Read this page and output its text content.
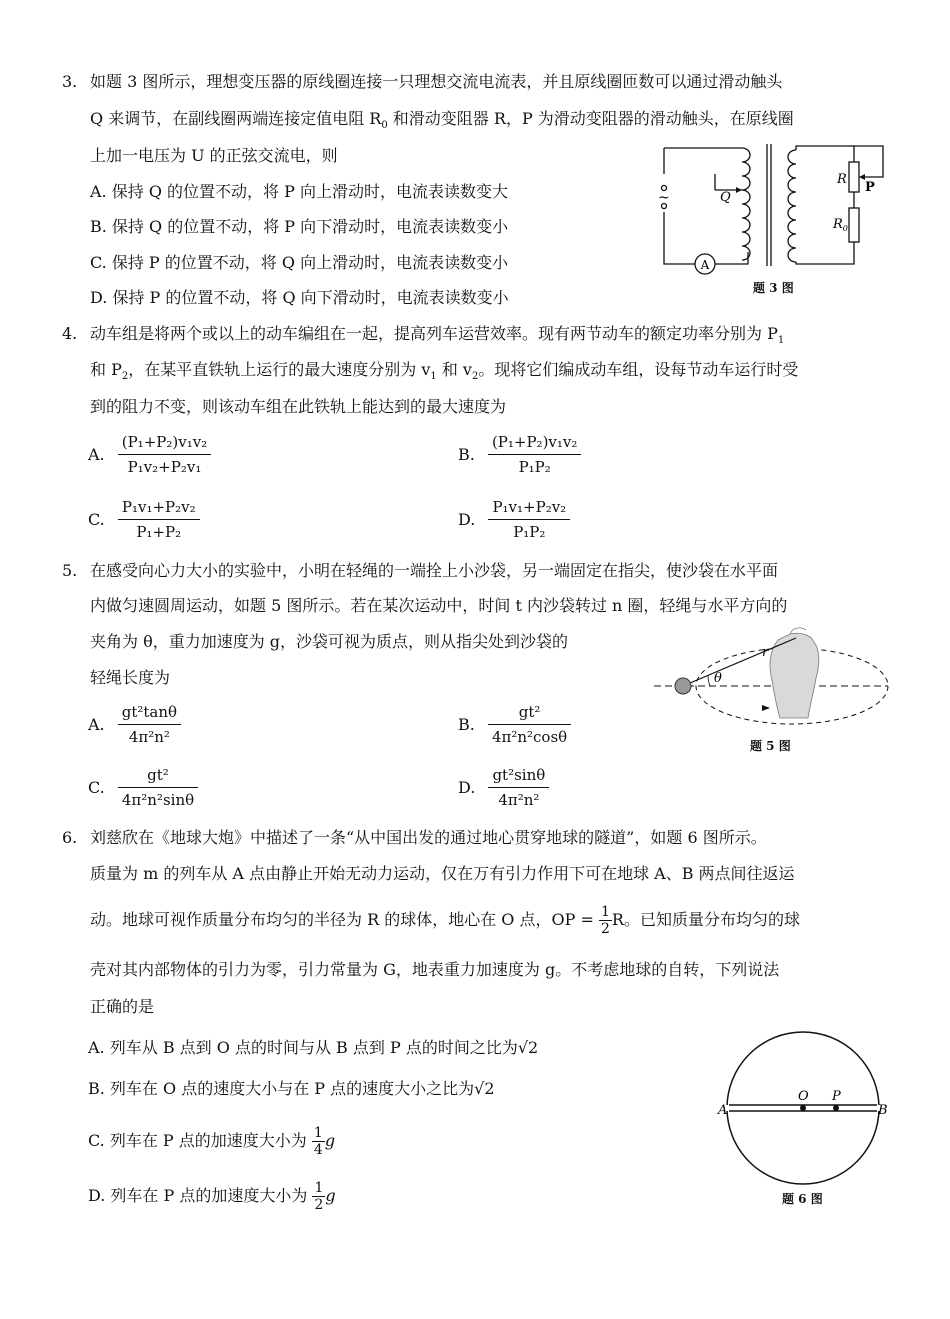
3. 如题 3 图所示，理想变压器的原线圈连接一只理想交流电流表，并且原线圈匝数可以通过滑动触头
Q 来调节，在副线圈两端连接定值电阻 $R_0$ 和滑动变阻器 R，P 为滑动变阻器的滑动触头，在原线圈
上加一电压为 U 的正弦交流电，则
A. 保持 Q 的位置不动，将 P 向上滑动时，电流表读数变大
B. 保持 Q 的位置不动，将 P 向下滑动时，电流表读数变小
C. 保持 P 的位置不动，将 Q 向上滑动时，电流表读数变小
D. 保持 P 的位置不动，将 Q 向下滑动时，电流表读数变小
A
~	Q
R
P
$R_0$
题 3 图
4. 动车组是将两个或以上的动车编组在一起，提高列车运营效率。现有两节动车的额定功率分别为 $P_1$
和 $P_2$，在某平直铁轨上运行的最大速度分别为 $v_1$ 和 $v_2$。现将它们编成动车组，设每节动车运行时受
到的阻力不变，则该动车组在此铁轨上能达到的最大速度为
A. $\frac{\text{(P₁+P₂)v₁v₂}}{\text{P₁v₂+P₂v₁}}$	B. $\frac{\text{(P₁+P₂)v₁v₂}}{\text{P₁P₂}}$
C. $\frac{\text{P₁v₁+P₂v₂}}{\text{P₁+P₂}}$	D. $\frac{\text{P₁v₁+P₂v₂}}{\text{P₁P₂}}$
5. 在感受向心力大小的实验中，小明在轻绳的一端拴上小沙袋，另一端固定在指尖，使沙袋在水平面
内做匀速圆周运动，如题 5 图所示。若在某次运动中，时间 t 内沙袋转过 n 圈，轻绳与水平方向的
夹角为 θ，重力加速度为 g，沙袋可视为质点，则从指尖处到沙袋的
轻绳长度为
r
θ
题 5 图
A. $\frac{\text{gt²tanθ}}{\text{4π²n²}}$	B. $\frac{\text{gt²}}{\text{4π²n²cosθ}}$
C. $\frac{\text{gt²}}{\text{4π²n²sinθ}}$	D. $\frac{\text{gt²sinθ}}{\text{4π²n²}}$
6. 刘慈欣在《地球大炮》中描述了一条“从中国出发的通过地心贯穿地球的隧道”，如题 6 图所示。
质量为 m 的列车从 A 点由静止开始无动力运动，仅在万有引力作用下可在地球 A、B 两点间往返运
动。地球可视作质量分布均匀的半径为 R 的球体，地心在 O 点，OP = $\frac{1}{2}$ R。已知质量分布均匀的球
壳对其内部物体的引力为零，引力常量为 G，地表重力加速度为 g。不考虑地球的自转，下列说法
正确的是
A. 列车从 B 点到 O 点的时间与从 B 点到 P 点的时间之比为√2
B. 列车在 O 点的速度大小与在 P 点的速度大小之比为√2
C. 列车在 P 点的加速度大小为 $\frac{1}{4}$ g
D. 列车在 P 点的加速度大小为 $\frac{1}{2}$ g
A	B
O P
题 6 图
